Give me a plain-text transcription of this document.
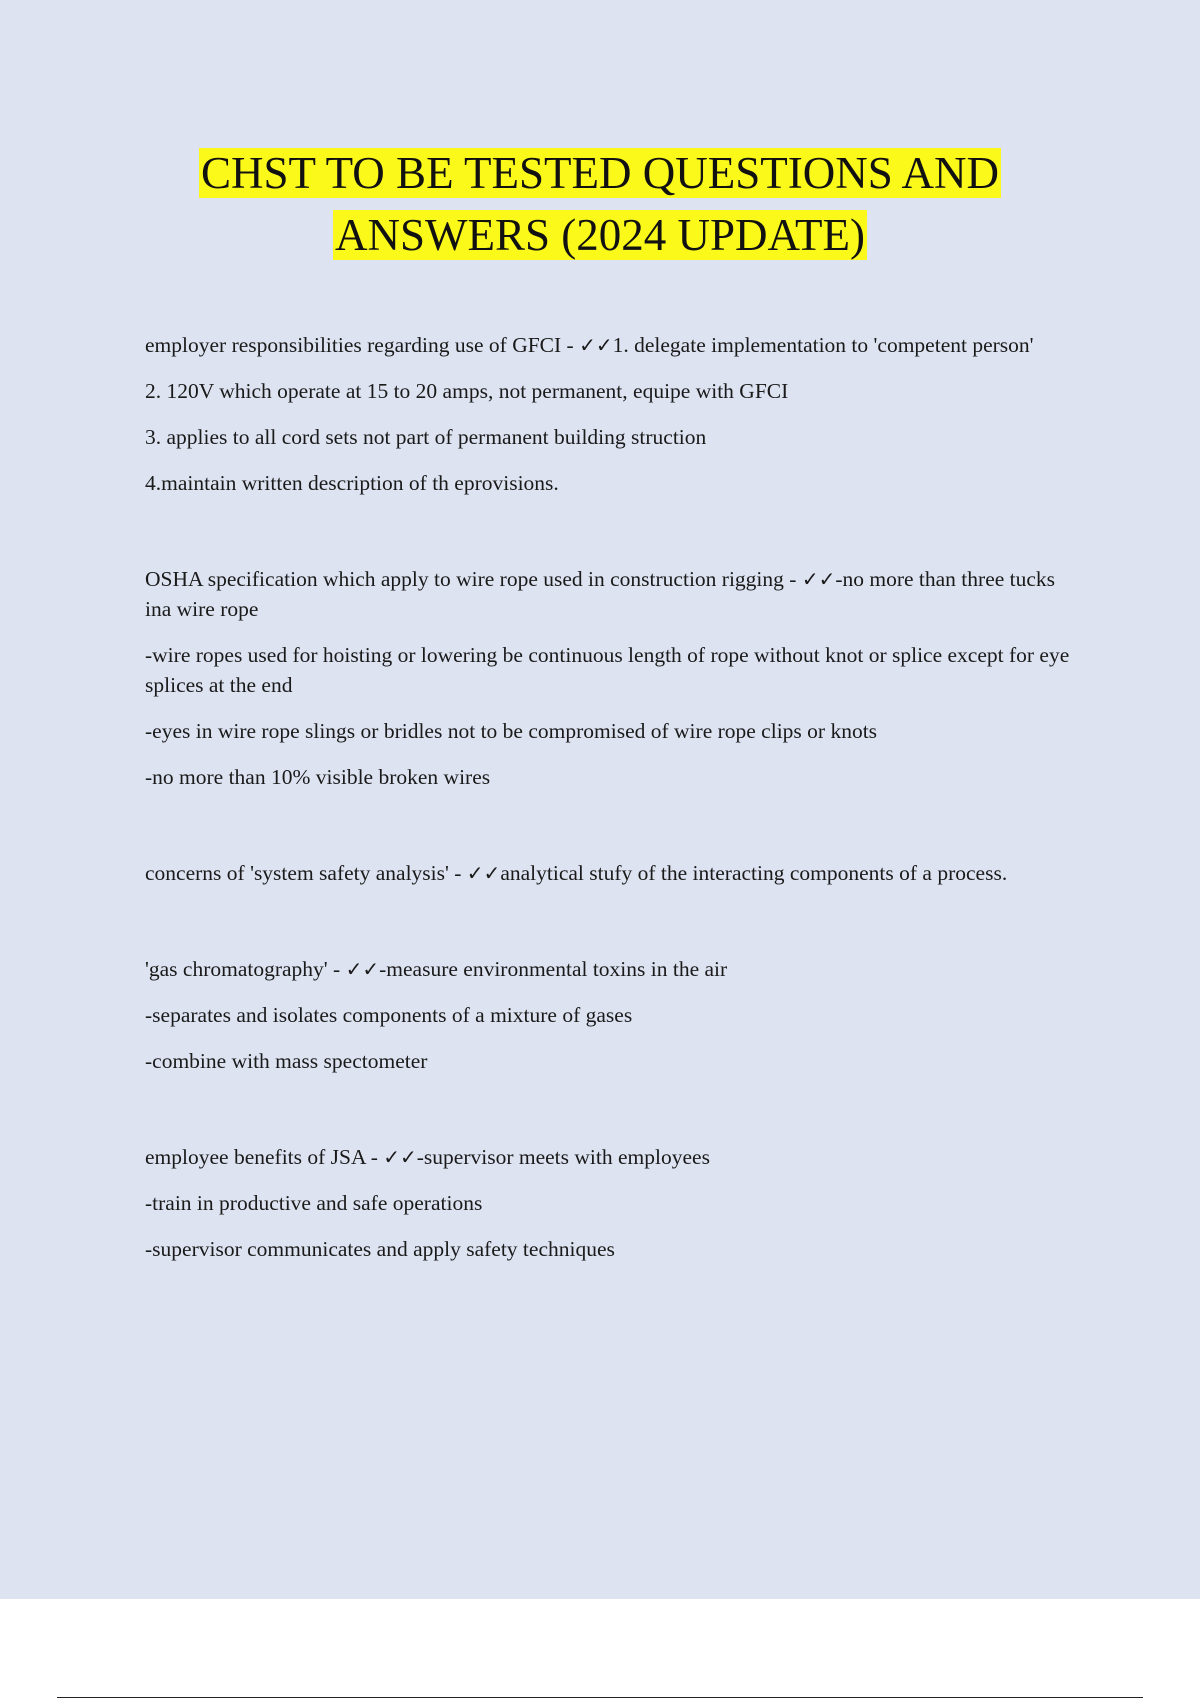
CHST TO BE TESTED QUESTIONS AND
ANSWERS (2024 UPDATE)

employer responsibilities regarding use of GFCI - ✓✓1. delegate implementation to 'competent person'

2. 120V which operate at 15 to 20 amps, not permanent, equipe with GFCI

3. applies to all cord sets not part of permanent building struction

4.maintain written description of th eprovisions.

OSHA specification which apply to wire rope used in construction rigging - ✓✓-no more than three tucks ina wire rope

-wire ropes used for hoisting or lowering be continuous length of rope without knot or splice except for eye splices at the end

-eyes in wire rope slings or bridles not to be compromised of wire rope clips or knots

-no more than 10% visible broken wires

concerns of 'system safety analysis' - ✓✓analytical stufy of the interacting components of a process.

'gas chromatography' - ✓✓-measure environmental toxins in the air

-separates and isolates components of a mixture of gases

-combine with mass spectometer

employee benefits of JSA - ✓✓-supervisor meets with employees

-train in productive and safe operations

-supervisor communicates and apply safety techniques
